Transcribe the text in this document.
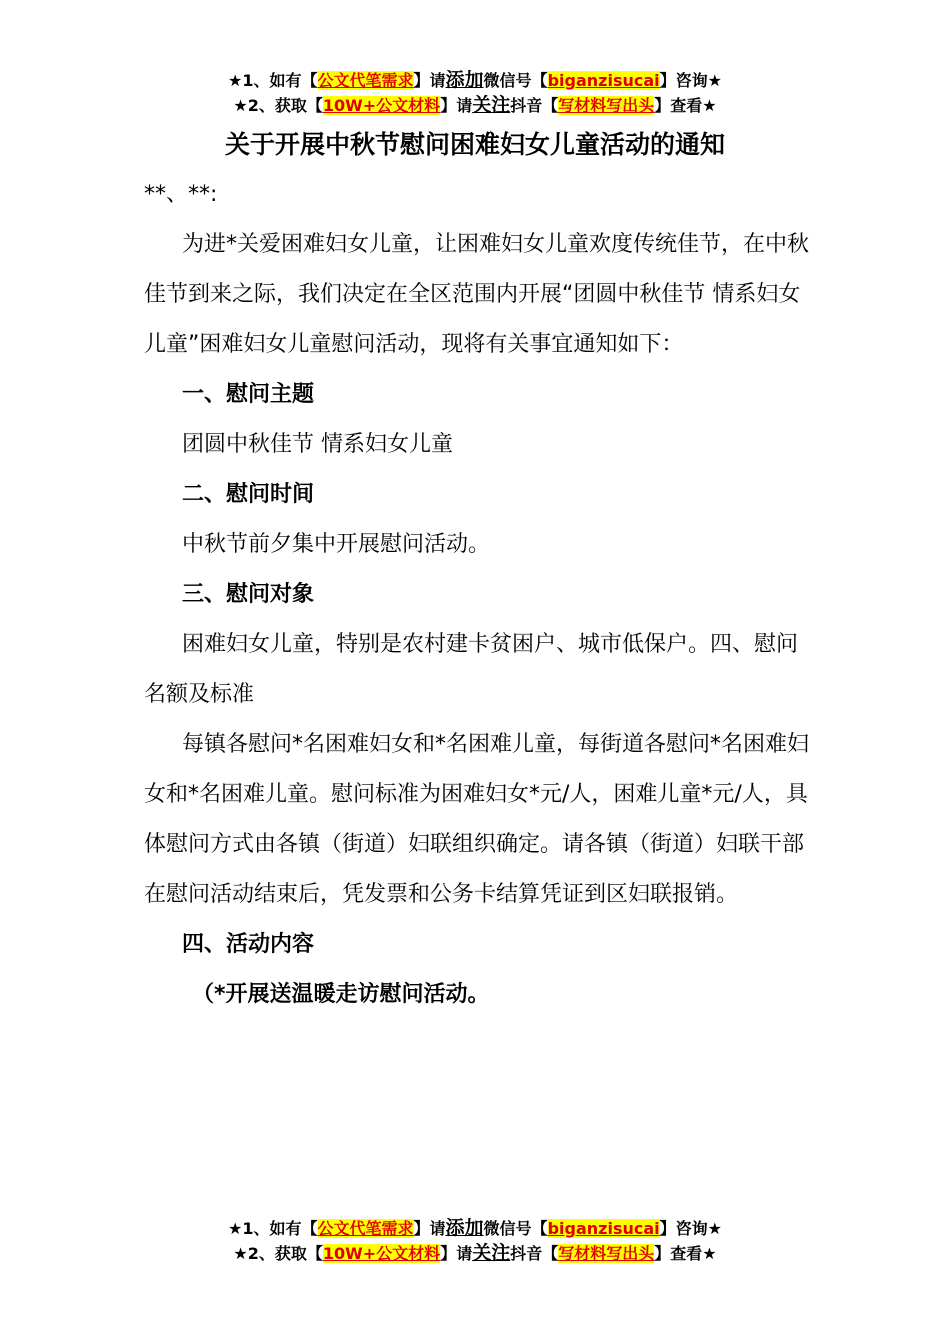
★1、如有【公文代笔需求】请添加微信号【biganzisucai】咨询★
★2、获取【10W+公文材料】请关注抖音【写材料写出头】查看★
关于开展中秋节慰问困难妇女儿童活动的通知

**、**:

为进*关爱困难妇女儿童，让困难妇女儿童欢度传统佳节，在中秋佳节到来之际，我们决定在全区范围内开展“团圆中秋佳节 情系妇女儿童”困难妇女儿童慰问活动，现将有关事宜通知如下：

一、慰问主题

团圆中秋佳节 情系妇女儿童

二、慰问时间

中秋节前夕集中开展慰问活动。

三、慰问对象

困难妇女儿童，特别是农村建卡贫困户、城市低保户。四、慰问名额及标准

每镇各慰问*名困难妇女和*名困难儿童，每街道各慰问*名困难妇女和*名困难儿童。慰问标准为困难妇女*元/人，困难儿童*元/人，具体慰问方式由各镇（街道）妇联组织确定。请各镇（街道）妇联干部在慰问活动结束后，凭发票和公务卡结算凭证到区妇联报销。

四、活动内容

（*开展送温暖走访慰问活动。

★1、如有【公文代笔需求】请添加微信号【biganzisucai】咨询★
★2、获取【10W+公文材料】请关注抖音【写材料写出头】查看★
